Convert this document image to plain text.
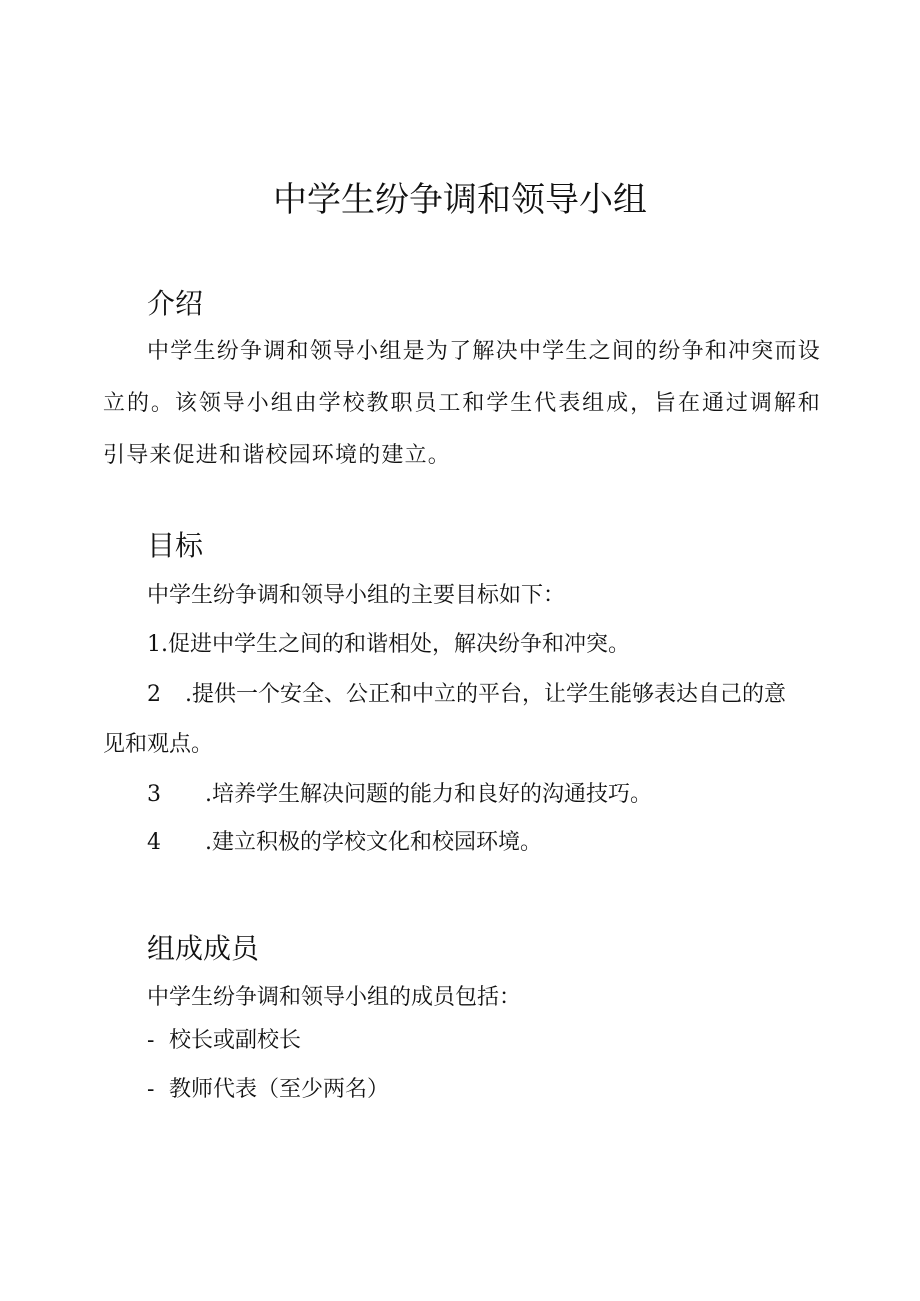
中学生纷争调和领导小组
介绍

中学生纷争调和领导小组是为了解决中学生之间的纷争和冲突而设立的。该领导小组由学校教职员工和学生代表组成，旨在通过调解和引导来促进和谐校园环境的建立。

目标

中学生纷争调和领导小组的主要目标如下：

1.促进中学生之间的和谐相处，解决纷争和冲突。

2 .提供一个安全、公正和中立的平台，让学生能够表达自己的意

见和观点。

3 .培养学生解决问题的能力和良好的沟通技巧。

4 .建立积极的学校文化和校园环境。

组成成员

中学生纷争调和领导小组的成员包括：

- 校长或副校长

- 教师代表（至少两名）
